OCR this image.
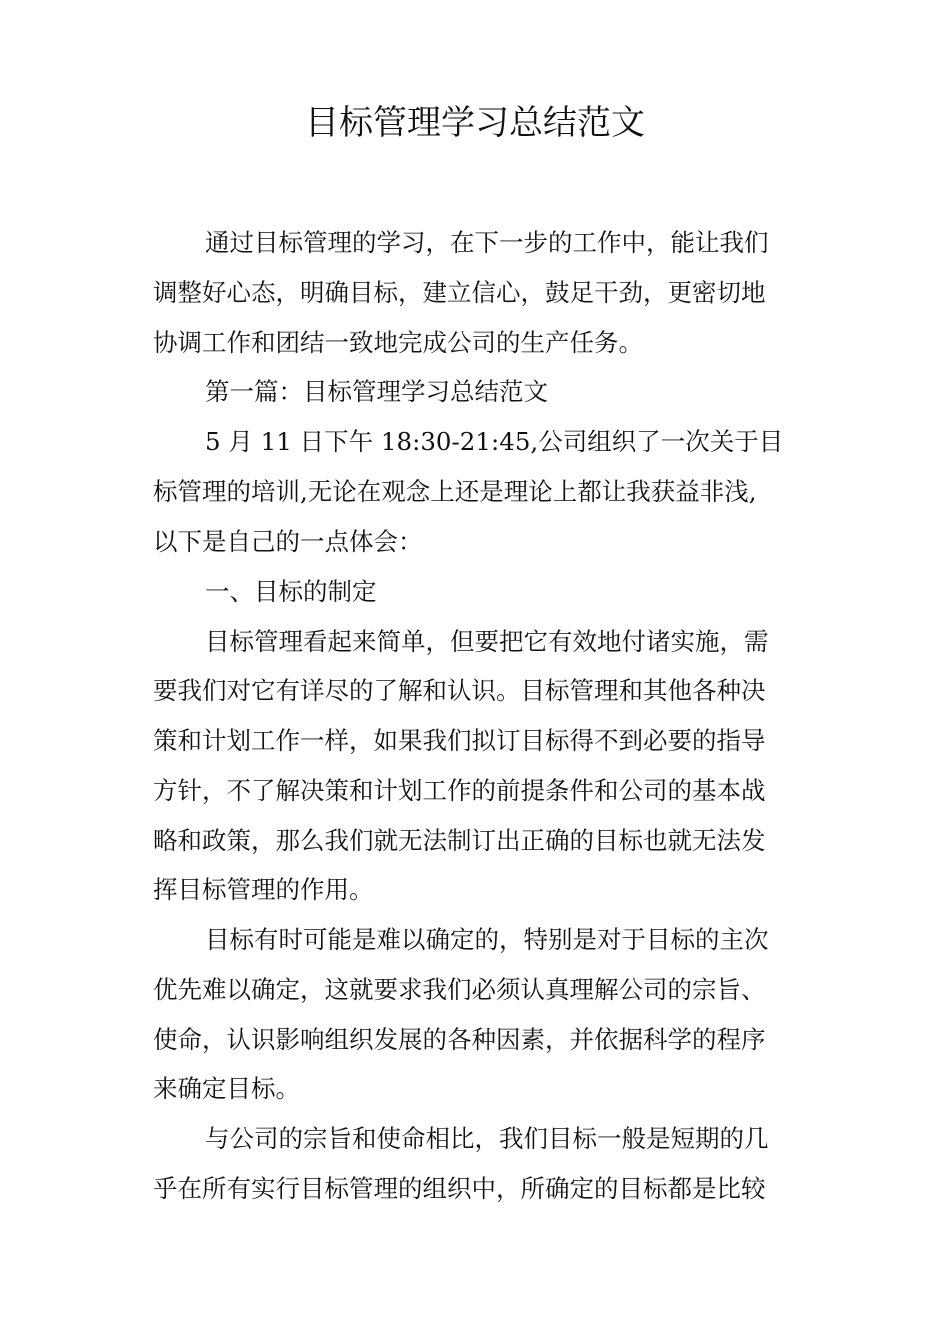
目标管理学习总结范文
通过目标管理的学习，在下一步的工作中，能让我们
调整好心态，明确目标，建立信心，鼓足干劲，更密切地
协调工作和团结一致地完成公司的生产任务。
第一篇：目标管理学习总结范文
5 月 11 日下午 18:30-21:45,公司组织了一次关于目
标管理的培训,无论在观念上还是理论上都让我获益非浅,
以下是自己的一点体会：
一、目标的制定
目标管理看起来简单，但要把它有效地付诸实施，需
要我们对它有详尽的了解和认识。目标管理和其他各种决
策和计划工作一样，如果我们拟订目标得不到必要的指导
方针，不了解决策和计划工作的前提条件和公司的基本战
略和政策，那么我们就无法制订出正确的目标也就无法发
挥目标管理的作用。
目标有时可能是难以确定的，特别是对于目标的主次
优先难以确定，这就要求我们必须认真理解公司的宗旨、
使命，认识影响组织发展的各种因素，并依据科学的程序
来确定目标。
与公司的宗旨和使命相比，我们目标一般是短期的几
乎在所有实行目标管理的组织中，所确定的目标都是比较
